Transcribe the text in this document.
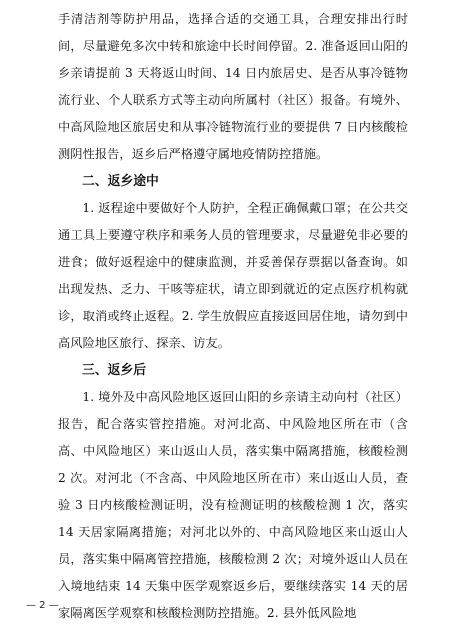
手清洁剂等防护用品，选择合适的交通工具，合理安排出行时间，尽量避免多次中转和旅途中长时间停留。2. 准备返回山阳的乡亲请提前 3 天将返山时间、14 日内旅居史、是否从事冷链物流行业、个人联系方式等主动向所属村（社区）报备。有境外、中高风险地区旅居史和从事冷链物流行业的要提供 7 日内核酸检测阴性报告，返乡后严格遵守属地疫情防控措施。

二、返乡途中

1. 返程途中要做好个人防护，全程正确佩戴口罩；在公共交通工具上要遵守秩序和乘务人员的管理要求，尽量避免非必要的进食；做好返程途中的健康监测，并妥善保存票据以备查询。如出现发热、乏力、干咳等症状，请立即到就近的定点医疗机构就诊，取消或终止返程。2. 学生放假应直接返回居住地，请勿到中高风险地区旅行、探亲、访友。

三、返乡后

1. 境外及中高风险地区返回山阳的乡亲请主动向村（社区）报告，配合落实管控措施。对河北高、中风险地区所在市（含高、中风险地区）来山返山人员，落实集中隔离措施，核酸检测 2 次。对河北（不含高、中风险地区所在市）来山返山人员，查验 3 日内核酸检测证明，没有检测证明的核酸检测 1 次，落实 14 天居家隔离措施；对河北以外的、中高风险地区来山返山人员，落实集中隔离管控措施，核酸检测 2 次；对境外返山人员在入境地结束 14 天集中医学观察返乡后，要继续落实 14 天的居家隔离医学观察和核酸检测防控措施。2. 县外低风险地

— 2 —
